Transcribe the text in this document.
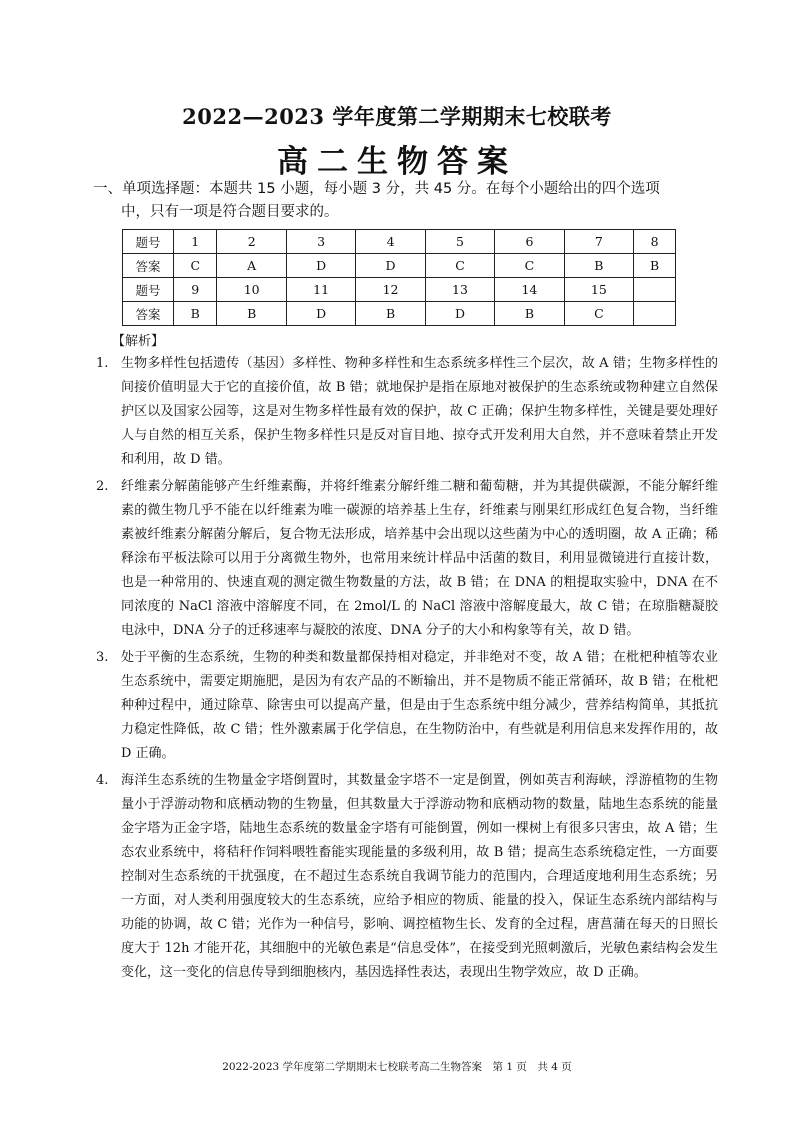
2022—2023 学年度第二学期期末七校联考
高二生物答案
一、单项选择题：本题共 15 小题，每小题 3 分，共 45 分。在每个小题给出的四个选项
中，只有一项是符合题目要求的。
题号	1	2	3	4	5	6	7	8
答案	C	A	D	D	C	C	B	B
题号	9	10	11	12	13	14	15	
答案	B	B	D	B	D	B	C	
【解析】
1. 生物多样性包括遗传（基因）多样性、物种多样性和生态系统多样性三个层次，故 A 错；生物多样性的间接价值明显大于它的直接价值，故 B 错；就地保护是指在原地对被保护的生态系统或物种建立自然保护区以及国家公园等，这是对生物多样性最有效的保护，故 C 正确；保护生物多样性，关键是要处理好人与自然的相互关系，保护生物多样性只是反对盲目地、掠夺式开发利用大自然，并不意味着禁止开发和利用，故 D 错。
2. 纤维素分解菌能够产生纤维素酶，并将纤维素分解纤维二糖和葡萄糖，并为其提供碳源，不能分解纤维素的微生物几乎不能在以纤维素为唯一碳源的培养基上生存，纤维素与刚果红形成红色复合物，当纤维素被纤维素分解菌分解后，复合物无法形成，培养基中会出现以这些菌为中心的透明圈，故 A 正确；稀释涂布平板法除可以用于分离微生物外，也常用来统计样品中活菌的数目，利用显微镜进行直接计数，也是一种常用的、快速直观的测定微生物数量的方法，故 B 错；在 DNA 的粗提取实验中，DNA 在不同浓度的 NaCl 溶液中溶解度不同，在 2mol/L 的 NaCl 溶液中溶解度最大，故 C 错；在琼脂糖凝胶电泳中，DNA 分子的迁移速率与凝胶的浓度、DNA 分子的大小和构象等有关，故 D 错。
3. 处于平衡的生态系统，生物的种类和数量都保持相对稳定，并非绝对不变，故 A 错；在枇杷种植等农业生态系统中，需要定期施肥，是因为有农产品的不断输出，并不是物质不能正常循环，故 B 错；在枇杷种种过程中，通过除草、除害虫可以提高产量，但是由于生态系统中组分减少，营养结构简单，其抵抗力稳定性降低，故 C 错；性外激素属于化学信息，在生物防治中，有些就是利用信息来发挥作用的，故 D 正确。
4. 海洋生态系统的生物量金字塔倒置时，其数量金字塔不一定是倒置，例如英吉利海峡，浮游植物的生物量小于浮游动物和底栖动物的生物量，但其数量大于浮游动物和底栖动物的数量，陆地生态系统的能量金字塔为正金字塔，陆地生态系统的数量金字塔有可能倒置，例如一棵树上有很多只害虫，故 A 错；生态农业系统中，将秸秆作饲料喂牲畜能实现能量的多级利用，故 B 错；提高生态系统稳定性，一方面要控制对生态系统的干扰强度，在不超过生态系统自我调节能力的范围内，合理适度地利用生态系统；另一方面，对人类利用强度较大的生态系统，应给予相应的物质、能量的投入，保证生态系统内部结构与功能的协调，故 C 错；光作为一种信号，影响、调控植物生长、发育的全过程，唐菖蒲在每天的日照长度大于 12h 才能开花，其细胞中的光敏色素是“信息受体”，在接受到光照刺激后，光敏色素结构会发生变化，这一变化的信息传导到细胞核内，基因选择性表达，表现出生物学效应，故 D 正确。
2022-2023 学年度第二学期期末七校联考高二生物答案　第 1 页　共 4 页
